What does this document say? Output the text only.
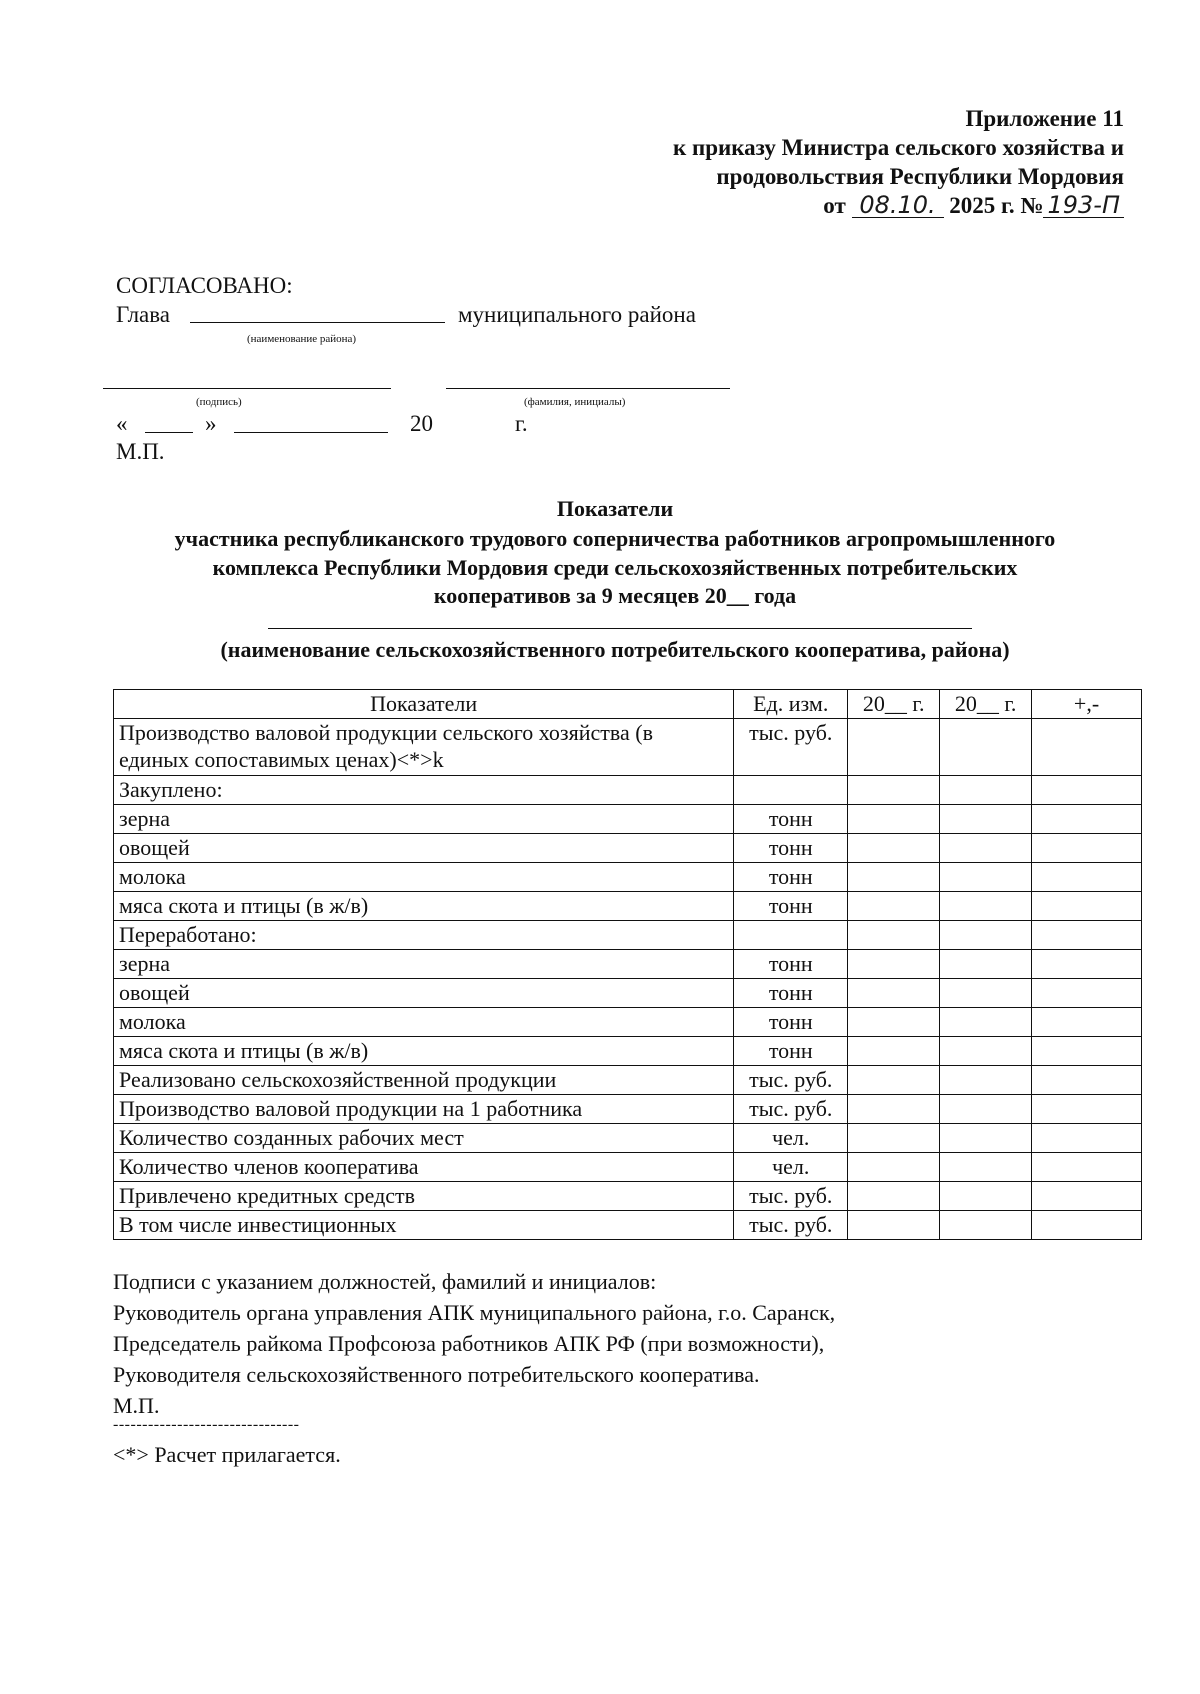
Приложение 11
к приказу Министра сельского хозяйства и
продовольствия Республики Мордовия
от 08.10. 2025 г. № 193-П
СОГЛАСОВАНО:
Глава	муниципального района
(наименование района)
(подпись)	(фамилия, инициалы)
«	»	20	г.
М.П.
Показатели
участника республиканского трудового соперничества работников агропромышленного
комплекса Республики Мордовия среди сельскохозяйственных потребительских
кооперативов за 9 месяцев 20__ года
(наименование сельскохозяйственного потребительского кооператива, района)
Показатели	Ед. изм.	20__ г.	20__ г.	+,-
Производство валовой продукции сельского хозяйства (в единых сопоставимых ценах)<*>k	тыс. руб.			
Закуплено:				
зерна	тонн			
овощей	тонн			
молока	тонн			
мяса скота и птицы (в ж/в)	тонн			
Переработано:				
зерна	тонн			
овощей	тонн			
молока	тонн			
мяса скота и птицы (в ж/в)	тонн			
Реализовано сельскохозяйственной продукции	тыс. руб.			
Производство валовой продукции на 1 работника	тыс. руб.			
Количество созданных рабочих мест	чел.			
Количество членов кооператива	чел.			
Привлечено кредитных средств	тыс. руб.			
В том числе инвестиционных	тыс. руб.			
Подписи с указанием должностей, фамилий и инициалов:
Руководитель органа управления АПК муниципального района, г.о. Саранск,
Председатель райкома Профсоюза работников АПК РФ (при возможности),
Руководителя сельскохозяйственного потребительского кооператива.
М.П.
--------------------------------
<*> Расчет прилагается.
